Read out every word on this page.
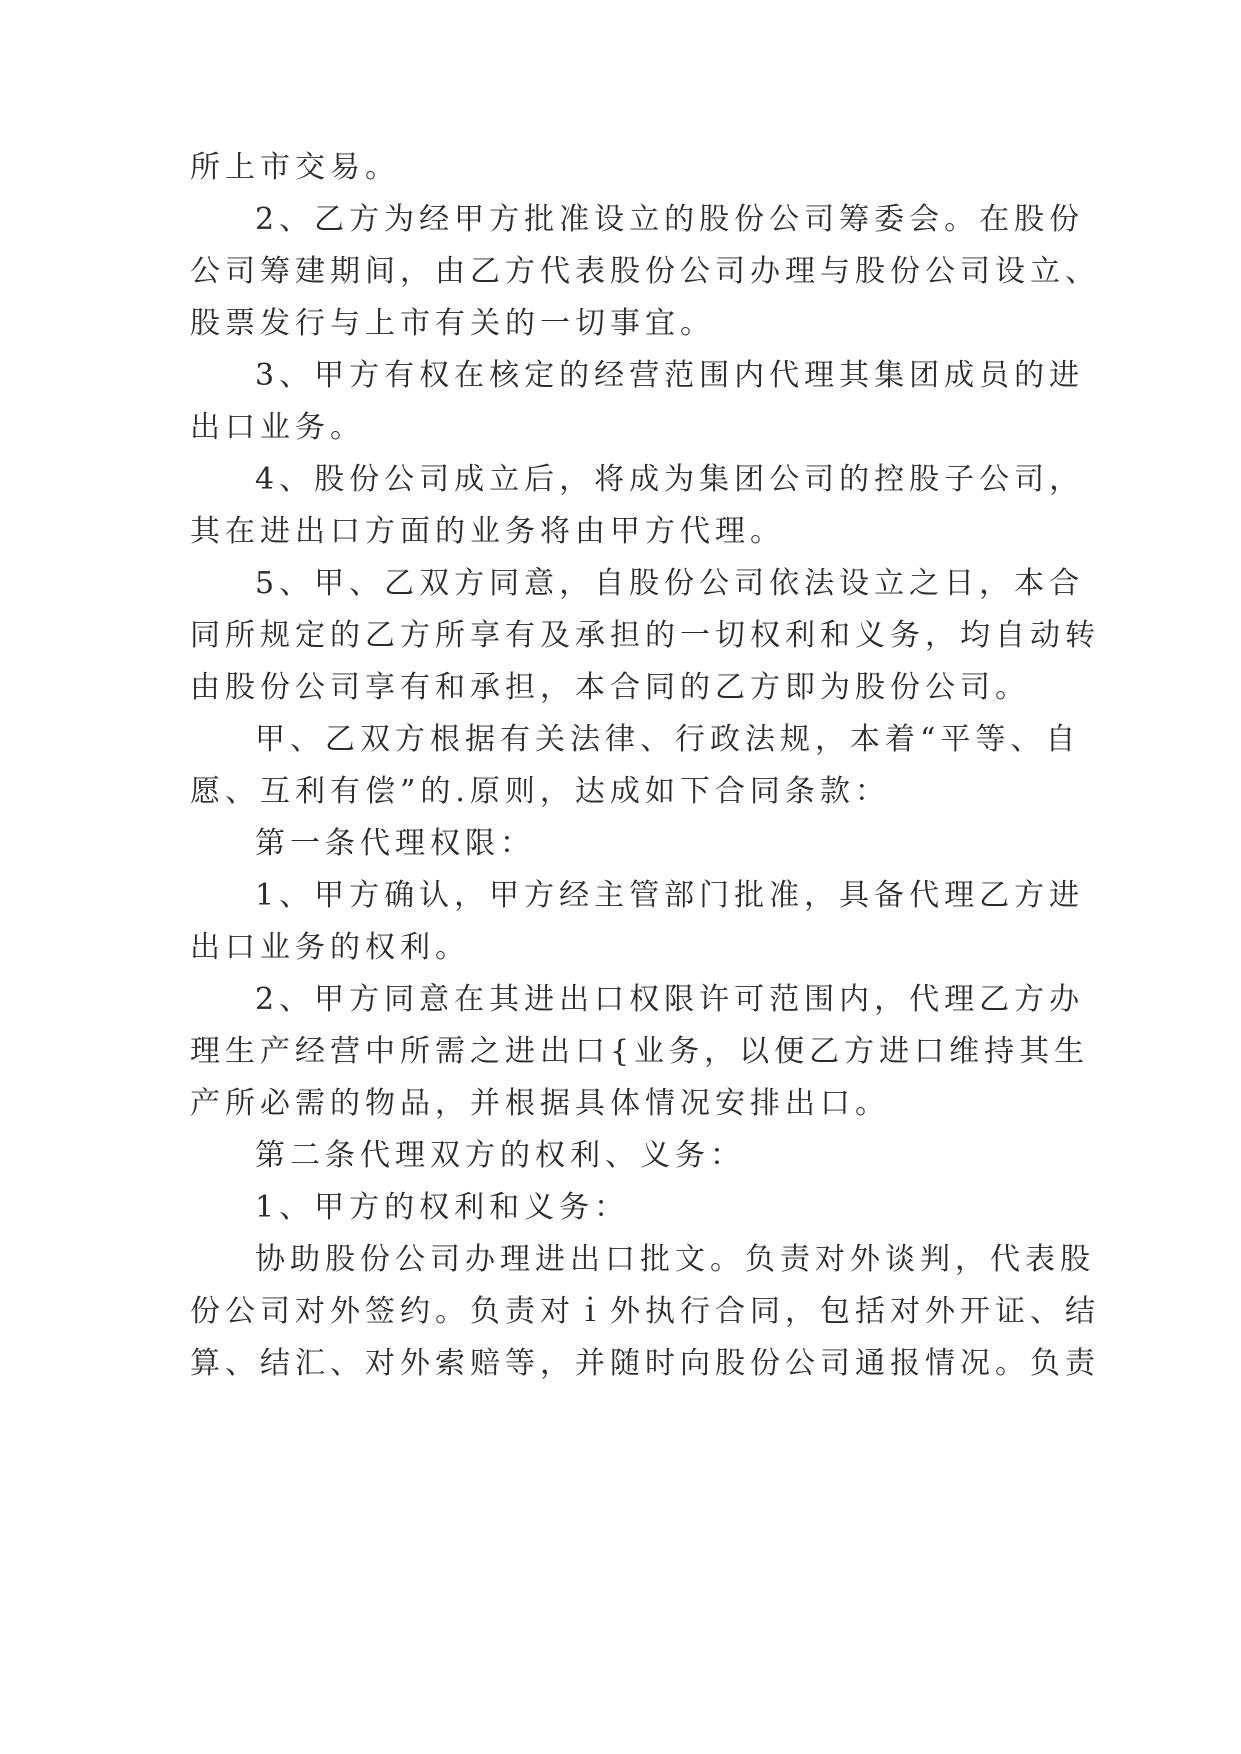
所上市交易。

2、乙方为经甲方批准设立的股份公司筹委会。在股份

公司筹建期间，由乙方代表股份公司办理与股份公司设立、

股票发行与上市有关的一切事宜。

3、甲方有权在核定的经营范围内代理其集团成员的进

出口业务。

4、股份公司成立后，将成为集团公司的控股子公司，

其在进出口方面的业务将由甲方代理。

5、甲、乙双方同意，自股份公司依法设立之日，本合

同所规定的乙方所享有及承担的一切权利和义务，均自动转

由股份公司享有和承担，本合同的乙方即为股份公司。

甲、乙双方根据有关法律、行政法规，本着“平等、自

愿、互利有偿”的.原则，达成如下合同条款：

第一条代理权限：

1、甲方确认，甲方经主管部门批准，具备代理乙方进

出口业务的权利。

2、甲方同意在其进出口权限许可范围内，代理乙方办

理生产经营中所需之进出口{业务，以便乙方进口维持其生

产所必需的物品，并根据具体情况安排出口。

第二条代理双方的权利、义务：

1、甲方的权利和义务：

协助股份公司办理进出口批文。负责对外谈判，代表股

份公司对外签约。负责对ｉ外执行合同，包括对外开证、结

算、结汇、对外索赔等，并随时向股份公司通报情况。负责
